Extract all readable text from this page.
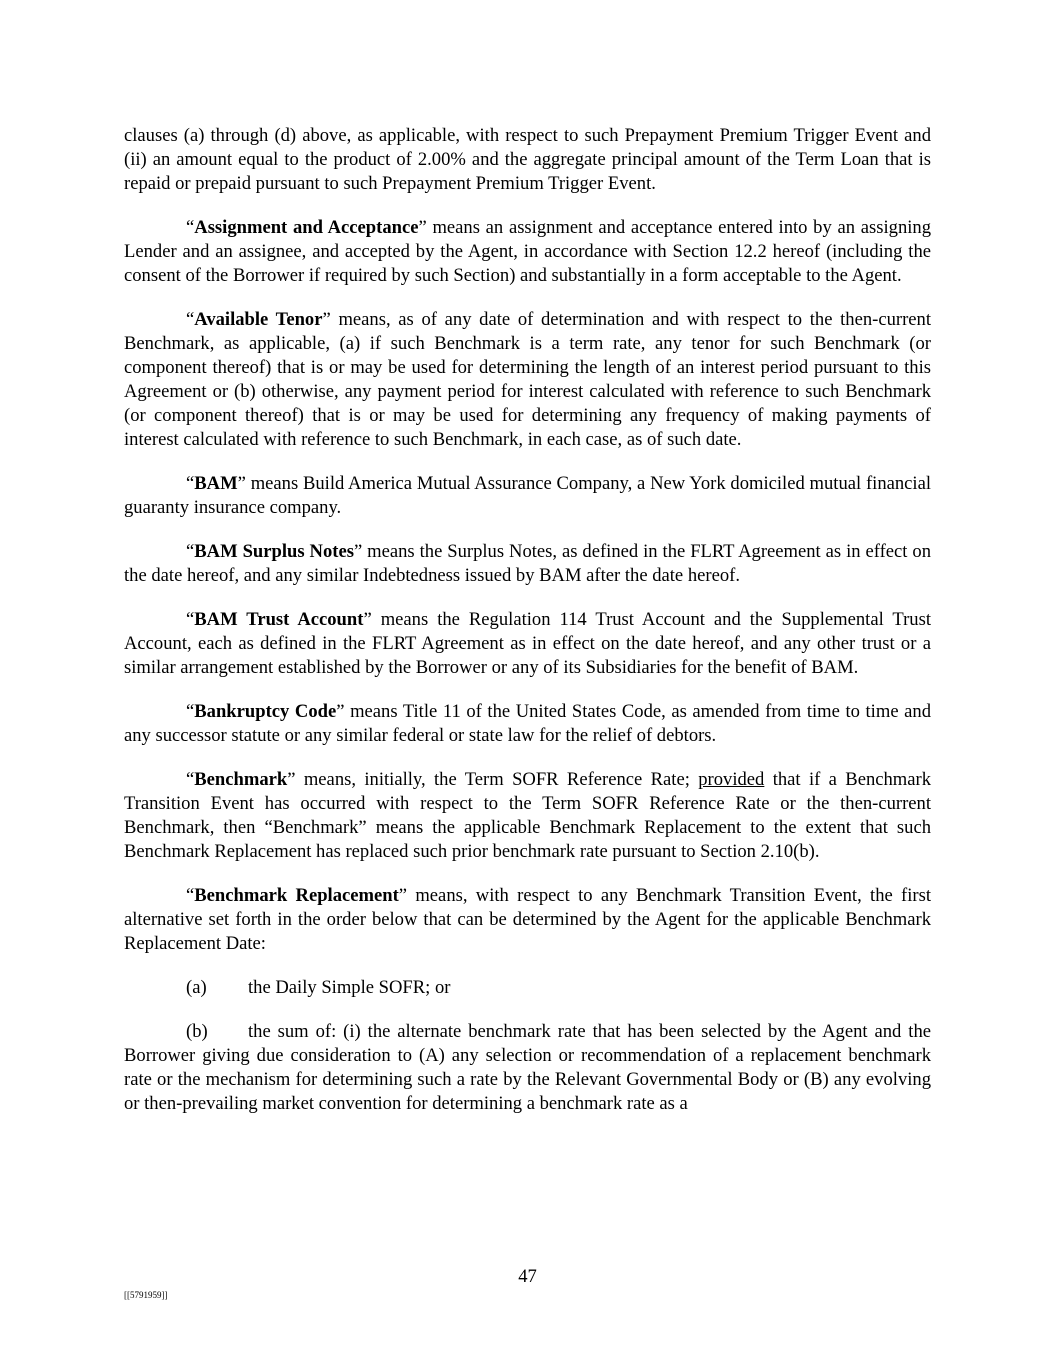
clauses (a) through (d) above, as applicable, with respect to such Prepayment Premium Trigger Event and (ii) an amount equal to the product of 2.00% and the aggregate principal amount of the Term Loan that is repaid or prepaid pursuant to such Prepayment Premium Trigger Event.

“Assignment and Acceptance” means an assignment and acceptance entered into by an assigning Lender and an assignee, and accepted by the Agent, in accordance with Section 12.2 hereof (including the consent of the Borrower if required by such Section) and substantially in a form acceptable to the Agent.

“Available Tenor” means, as of any date of determination and with respect to the then-current Benchmark, as applicable, (a) if such Benchmark is a term rate, any tenor for such Benchmark (or component thereof) that is or may be used for determining the length of an interest period pursuant to this Agreement or (b) otherwise, any payment period for interest calculated with reference to such Benchmark (or component thereof) that is or may be used for determining any frequency of making payments of interest calculated with reference to such Benchmark, in each case, as of such date.

“BAM” means Build America Mutual Assurance Company, a New York domiciled mutual financial guaranty insurance company.

“BAM Surplus Notes” means the Surplus Notes, as defined in the FLRT Agreement as in effect on the date hereof, and any similar Indebtedness issued by BAM after the date hereof.

“BAM Trust Account” means the Regulation 114 Trust Account and the Supplemental Trust Account, each as defined in the FLRT Agreement as in effect on the date hereof, and any other trust or a similar arrangement established by the Borrower or any of its Subsidiaries for the benefit of BAM.

“Bankruptcy Code” means Title 11 of the United States Code, as amended from time to time and any successor statute or any similar federal or state law for the relief of debtors.

“Benchmark” means, initially, the Term SOFR Reference Rate; provided that if a Benchmark Transition Event has occurred with respect to the Term SOFR Reference Rate or the then-current Benchmark, then “Benchmark” means the applicable Benchmark Replacement to the extent that such Benchmark Replacement has replaced such prior benchmark rate pursuant to Section 2.10(b).

“Benchmark Replacement” means, with respect to any Benchmark Transition Event, the first alternative set forth in the order below that can be determined by the Agent for the applicable Benchmark Replacement Date:

(a) the Daily Simple SOFR; or

(b) the sum of: (i) the alternate benchmark rate that has been selected by the Agent and the Borrower giving due consideration to (A) any selection or recommendation of a replacement benchmark rate or the mechanism for determining such a rate by the Relevant Governmental Body or (B) any evolving or then-prevailing market convention for determining a benchmark rate as a

47
[[5791959]]
